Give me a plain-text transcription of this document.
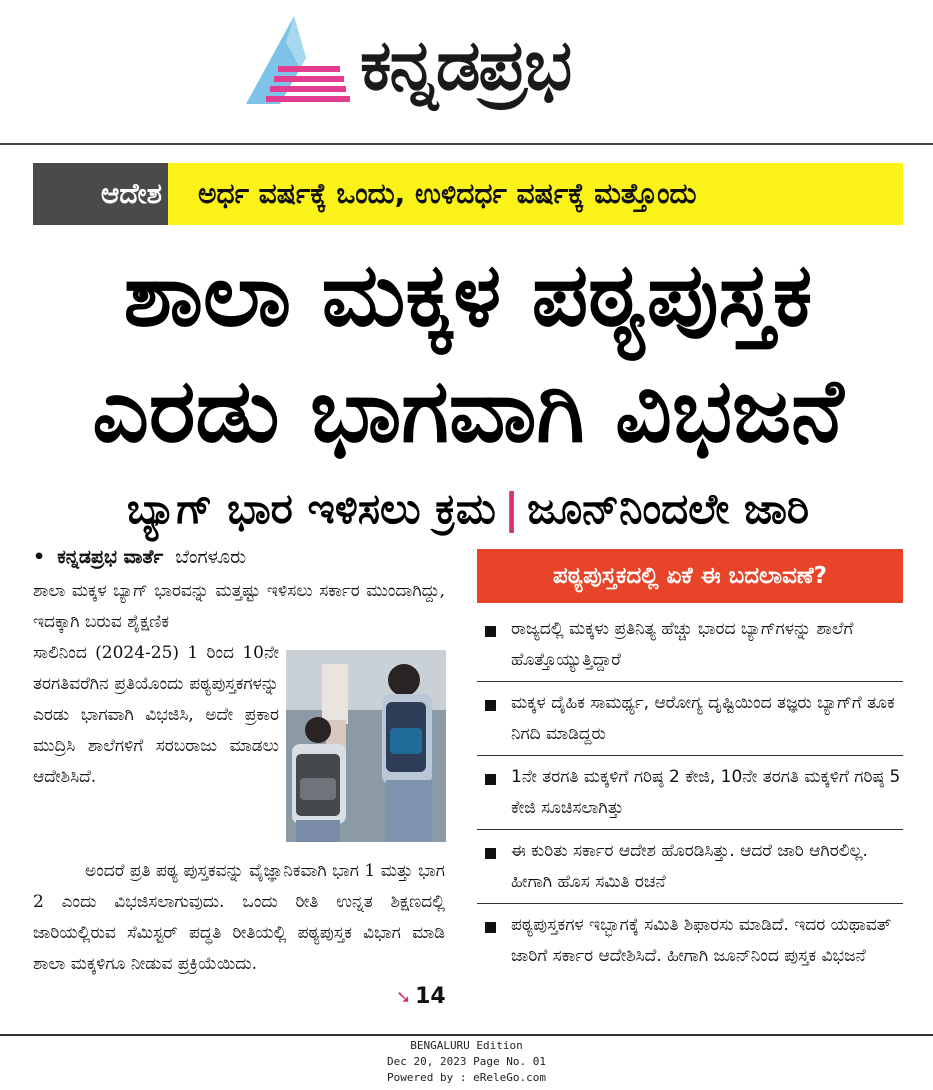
ಕನ್ನಡಪ್ರಭ
ಆದೇಶ ಅರ್ಧ ವರ್ಷಕ್ಕೆ ಒಂದು, ಉಳಿದರ್ಧ ವರ್ಷಕ್ಕೆ ಮತ್ತೊಂದು
ಶಾಲಾ ಮಕ್ಕಳ ಪಠ್ಯಪುಸ್ತಕ
ಎರಡು ಭಾಗವಾಗಿ ವಿಭಜನೆ
ಬ್ಯಾಗ್ ಭಾರ ಇಳಿಸಲು ಕ್ರಮ | ಜೂನ್‌ನಿಂದಲೇ ಜಾರಿ
• ಕನ್ನಡಪ್ರಭ ವಾರ್ತೆ ಬೆಂಗಳೂರು
ಶಾಲಾ ಮಕ್ಕಳ ಬ್ಯಾಗ್ ಭಾರವನ್ನು ಮತ್ತಷ್ಟು ಇಳಿಸಲು ಸರ್ಕಾರ ಮುಂದಾಗಿದ್ದು, ಇದಕ್ಕಾಗಿ ಬರುವ ಶೈಕ್ಷಣಿಕ
ಸಾಲಿನಿಂದ (2024-25) 1 ರಿಂದ 10ನೇ ತರಗತಿವರೆಗಿನ ಪ್ರತಿಯೊಂದು ಪಠ್ಯಪುಸ್ತಕಗಳನ್ನು ಎರಡು ಭಾಗವಾಗಿ ವಿಭಜಿಸಿ, ಅದೇ ಪ್ರಕಾರ ಮುದ್ರಿಸಿ ಶಾಲೆಗಳಿಗೆ ಸರಬರಾಜು ಮಾಡಲು ಆದೇಶಿಸಿದೆ.
ಅಂದರೆ ಪ್ರತಿ ಪಠ್ಯ ಪುಸ್ತಕವನ್ನು ವೈಜ್ಞಾನಿಕವಾಗಿ ಭಾಗ 1 ಮತ್ತು ಭಾಗ 2 ಎಂದು ವಿಭಜಿಸಲಾಗುವುದು. ಒಂದು ರೀತಿ ಉನ್ನತ ಶಿಕ್ಷಣದಲ್ಲಿ ಜಾರಿಯಲ್ಲಿರುವ ಸೆಮಿಸ್ಟರ್ ಪದ್ಧತಿ ರೀತಿಯಲ್ಲಿ ಪಠ್ಯಪುಸ್ತಕ ವಿಭಾಗ ಮಾಡಿ ಶಾಲಾ ಮಕ್ಕಳಿಗೂ ನೀಡುವ ಪ್ರಕ್ರಿಯೆಯಿದು.
➘ 14
ಪಠ್ಯಪುಸ್ತಕದಲ್ಲಿ ಏಕೆ ಈ ಬದಲಾವಣೆ?
ರಾಜ್ಯದಲ್ಲಿ ಮಕ್ಕಳು ಪ್ರತಿನಿತ್ಯ ಹೆಚ್ಚು ಭಾರದ ಬ್ಯಾಗ್‌ಗಳನ್ನು ಶಾಲೆಗೆ ಹೊತ್ತೊಯ್ಯುತ್ತಿದ್ದಾರೆ
ಮಕ್ಕಳ ದೈಹಿಕ ಸಾಮರ್ಥ್ಯ, ಆರೋಗ್ಯ ದೃಷ್ಟಿಯಿಂದ ತಜ್ಞರು ಬ್ಯಾಗ್‌ಗೆ ತೂಕ ನಿಗದಿ ಮಾಡಿದ್ದರು
1ನೇ ತರಗತಿ ಮಕ್ಕಳಿಗೆ ಗರಿಷ್ಠ 2 ಕೇಜಿ, 10ನೇ ತರಗತಿ ಮಕ್ಕಳಿಗೆ ಗರಿಷ್ಠ 5 ಕೇಜಿ ಸೂಚಿಸಲಾಗಿತ್ತು
ಈ ಕುರಿತು ಸರ್ಕಾರ ಆದೇಶ ಹೊರಡಿಸಿತ್ತು. ಆದರೆ ಜಾರಿ ಆಗಿರಲಿಲ್ಲ. ಹೀಗಾಗಿ ಹೊಸ ಸಮಿತಿ ರಚನೆ
ಪಠ್ಯಪುಸ್ತಕಗಳ ಇಬ್ಭಾಗಕ್ಕೆ ಸಮಿತಿ ಶಿಫಾರಸು ಮಾಡಿದೆ. ಇದರ ಯಥಾವತ್ ಜಾರಿಗೆ ಸರ್ಕಾರ ಆದೇಶಿಸಿದೆ. ಹೀಗಾಗಿ ಜೂನ್‌ನಿಂದ ಪುಸ್ತಕ ವಿಭಜನೆ
BENGALURU Edition
Dec 20, 2023 Page No. 01
Powered by : eReleGo.com
